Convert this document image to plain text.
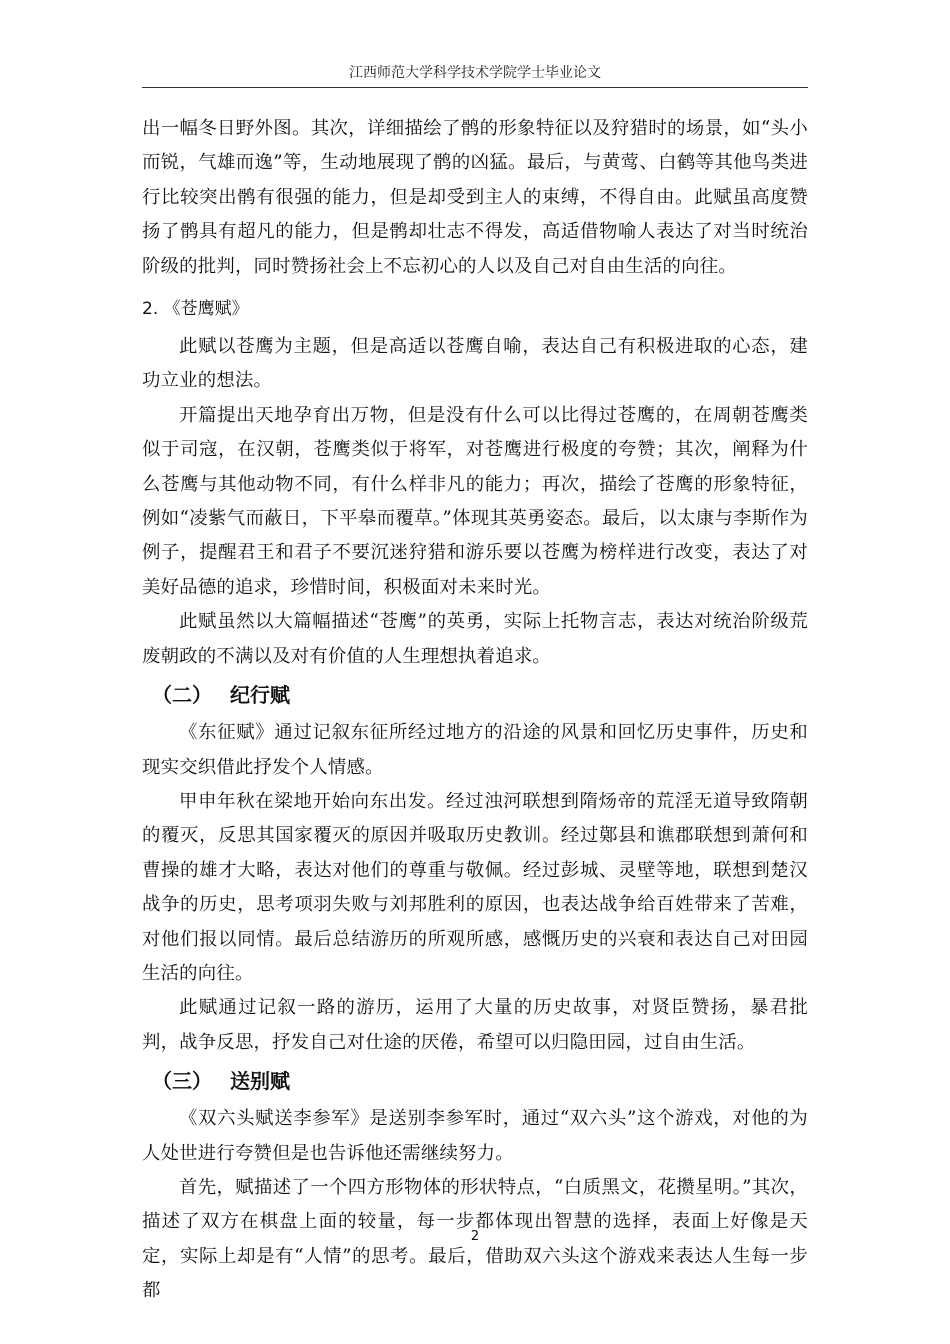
江西师范大学科学技术学院学士毕业论文

出一幅冬日野外图。其次，详细描绘了鹘的形象特征以及狩猎时的场景，如“头小而锐，气雄而逸”等，生动地展现了鹘的凶猛。最后，与黄莺、白鹤等其他鸟类进行比较突出鹘有很强的能力，但是却受到主人的束缚，不得自由。此赋虽高度赞扬了鹘具有超凡的能力，但是鹘却壮志不得发，高适借物喻人表达了对当时统治阶级的批判，同时赞扬社会上不忘初心的人以及自己对自由生活的向往。

2. 《苍鹰赋》

此赋以苍鹰为主题，但是高适以苍鹰自喻，表达自己有积极进取的心态，建功立业的想法。

开篇提出天地孕育出万物，但是没有什么可以比得过苍鹰的，在周朝苍鹰类似于司寇，在汉朝，苍鹰类似于将军，对苍鹰进行极度的夸赞；其次，阐释为什么苍鹰与其他动物不同，有什么样非凡的能力；再次，描绘了苍鹰的形象特征，例如“凌紫气而蔽日，下平皋而覆草。”体现其英勇姿态。最后，以太康与李斯作为例子，提醒君王和君子不要沉迷狩猎和游乐要以苍鹰为榜样进行改变，表达了对美好品德的追求，珍惜时间，积极面对未来时光。

此赋虽然以大篇幅描述“苍鹰”的英勇，实际上托物言志，表达对统治阶级荒废朝政的不满以及对有价值的人生理想执着追求。

（二） 纪行赋

《东征赋》通过记叙东征所经过地方的沿途的风景和回忆历史事件，历史和现实交织借此抒发个人情感。

甲申年秋在梁地开始向东出发。经过浊河联想到隋炀帝的荒淫无道导致隋朝的覆灭，反思其国家覆灭的原因并吸取历史教训。经过鄚县和谯郡联想到萧何和曹操的雄才大略，表达对他们的尊重与敬佩。经过彭城、灵壁等地，联想到楚汉战争的历史，思考项羽失败与刘邦胜利的原因，也表达战争给百姓带来了苦难，对他们报以同情。最后总结游历的所观所感，感慨历史的兴衰和表达自己对田园生活的向往。

此赋通过记叙一路的游历，运用了大量的历史故事，对贤臣赞扬，暴君批判，战争反思，抒发自己对仕途的厌倦，希望可以归隐田园，过自由生活。

（三） 送别赋

《双六头赋送李参军》是送别李参军时，通过“双六头”这个游戏，对他的为人处世进行夸赞但是也告诉他还需继续努力。

首先，赋描述了一个四方形物体的形状特点，“白质黑文，花攒星明。”其次，描述了双方在棋盘上面的较量，每一步都体现出智慧的选择，表面上好像是天定，实际上却是有“人情”的思考。最后，借助双六头这个游戏来表达人生每一步都

2
